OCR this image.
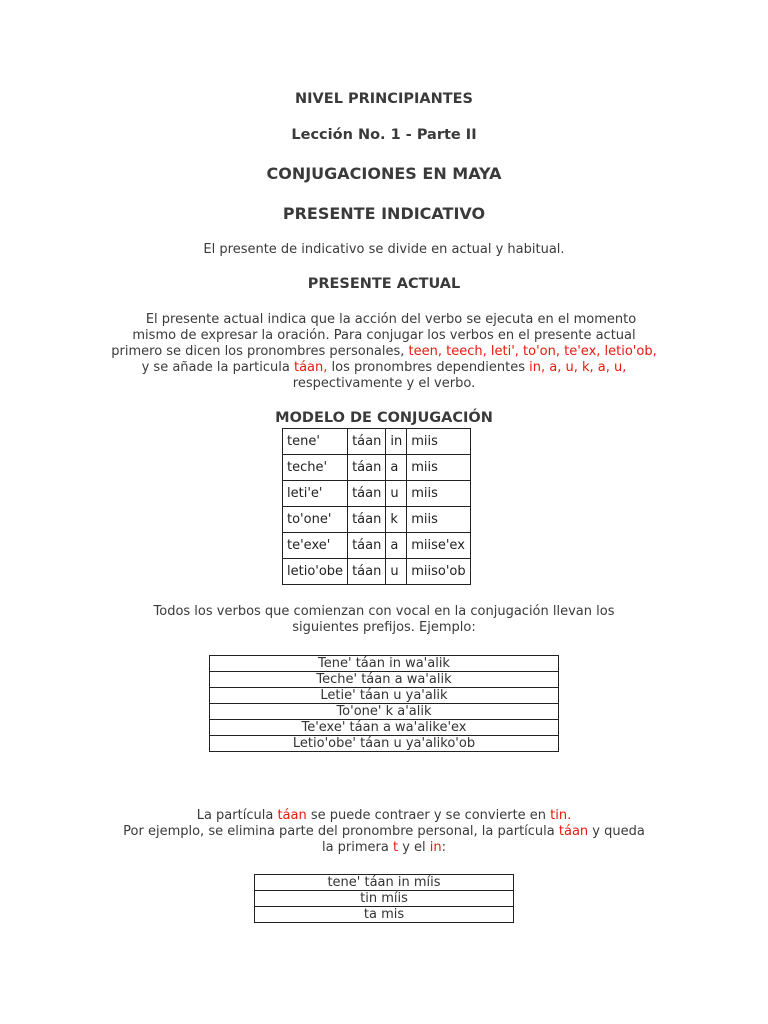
NIVEL PRINCIPIANTES
Lección No. 1 - Parte II
CONJUGACIONES EN MAYA
PRESENTE INDICATIVO
El presente de indicativo se divide en actual y habitual.
PRESENTE ACTUAL
El presente actual indica que la acción del verbo se ejecuta en el momento
mismo de expresar la oración. Para conjugar los verbos en el presente actual
primero se dicen los pronombres personales, teen, teech, leti', to'on, te'ex, letio'ob,
y se añade la particula táan, los pronombres dependientes in, a, u, k, a, u,
respectivamente y el verbo.
MODELO DE CONJUGACIÓN
tene'	táan	in	miis
teche'	táan	a	miis
leti'e'	táan	u	miis
to'one'	táan	k	miis
te'exe'	táan	a	miise'ex
letio'obe	táan	u	miiso'ob
Todos los verbos que comienzan con vocal en la conjugación llevan los
siguientes prefijos. Ejemplo:
Tene' táan in wa'alik
Teche' táan a wa'alik
Letie' táan u ya'alik
To'one' k a'alik
Te'exe' táan a wa'alike'ex
Letio'obe' táan u ya'aliko'ob
La partícula táan se puede contraer y se convierte en tin.
Por ejemplo, se elimina parte del pronombre personal, la partícula táan y queda
la primera t y el in:
tene' táan in míis
tin míis
ta mis
